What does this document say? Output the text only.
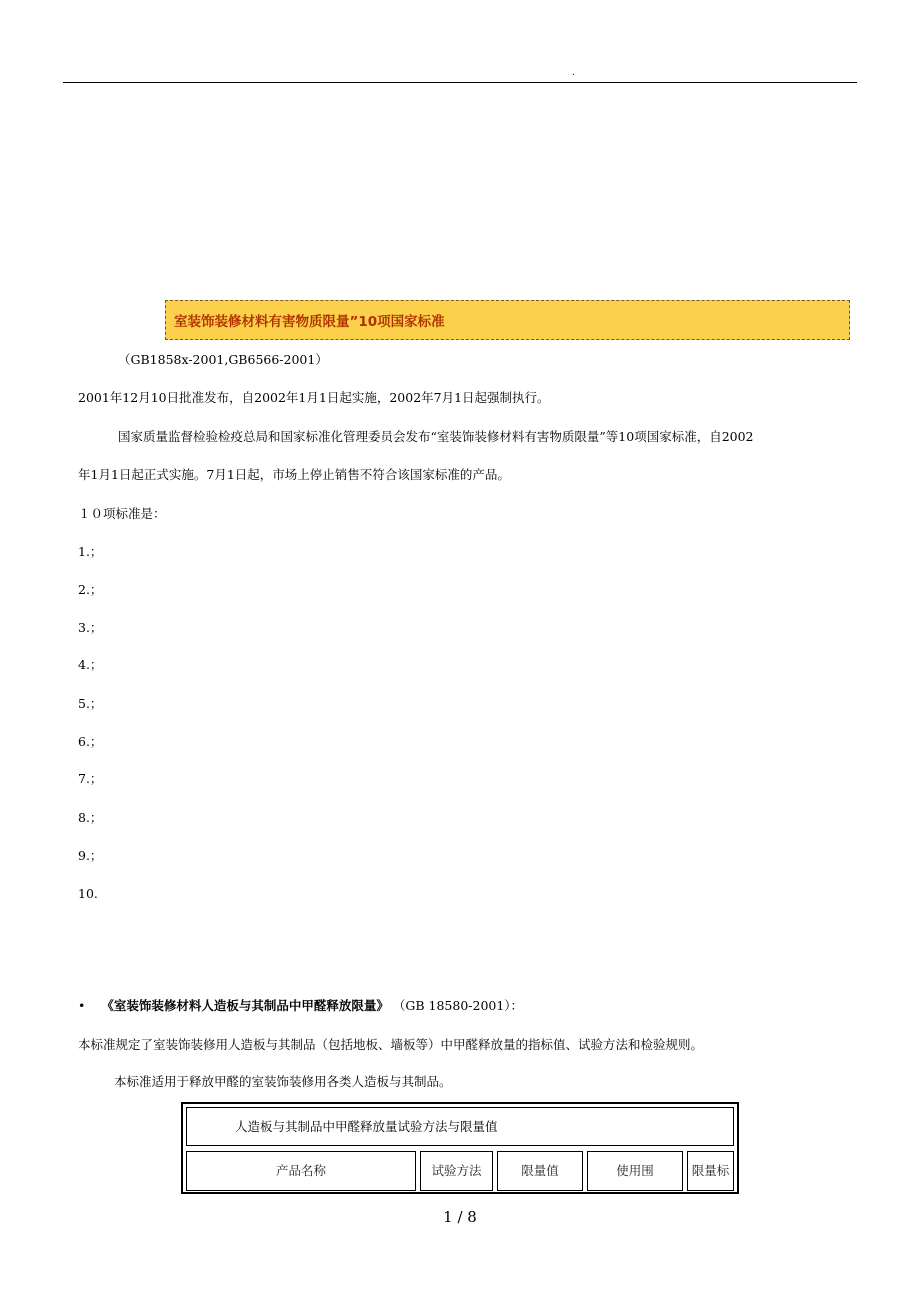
.
室装饰装修材料有害物质限量”10项国家标准
（GB1858x-2001,GB6566-2001）
2001年12月10日批准发布，自2002年1月1日起实施，2002年7月1日起强制执行。
国家质量监督检验检疫总局和国家标准化管理委员会发布“室装饰装修材料有害物质限量”等10项国家标准，自2002
年1月1日起正式实施。7月1日起，市场上停止销售不符合该国家标准的产品。
１０项标准是：
1.；
2.；
3.；
4.；
5.；
6.；
7.；
8.；
9.；
10.
• 《室装饰装修材料人造板与其制品中甲醛释放限量》 （GB 18580-2001）：
本标准规定了室装饰装修用人造板与其制品（包括地板、墙板等）中甲醛释放量的指标值、试验方法和检验规则。
本标准适用于释放甲醛的室装饰装修用各类人造板与其制品。
人造板与其制品中甲醛释放量试验方法与限量值
产品名称	试验方法	限量值	使用围	限量标
1 / 8
